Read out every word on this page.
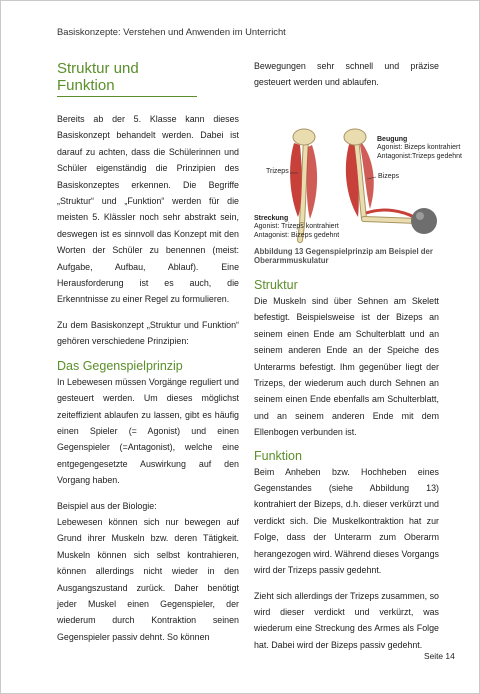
Basiskonzepte: Verstehen und Anwenden im Unterricht
Struktur und Funktion

Bereits ab der 5. Klasse kann dieses Basiskonzept behandelt werden. Dabei ist darauf zu achten, dass die Schülerinnen und Schüler eigenständig die Prinzipien des Basiskonzeptes erkennen. Die Begriffe „Struktur“ und „Funktion“ werden für die meisten 5. Klässler noch sehr abstrakt sein, deswegen ist es sinnvoll das Konzept mit den Worten der Schüler zu benennen (meist: Aufgabe, Aufbau, Ablauf). Eine Herausforderung ist es auch, die Erkenntnisse zu einer Regel zu formulieren.

Zu dem Basiskonzept „Struktur und Funktion“ gehören verschiedene Prinzipien:

Das Gegenspielprinzip

In Lebewesen müssen Vorgänge reguliert und gesteuert werden. Um dieses möglichst zeiteffizient ablaufen zu lassen, gibt es häufig einen Spieler (= Agonist) und einen Gegenspieler (=Antagonist), welche eine entgegengesetzte Auswirkung auf den Vorgang haben.

Beispiel aus der Biologie:

Lebewesen können sich nur bewegen auf Grund ihrer Muskeln bzw. deren Tätigkeit. Muskeln können sich selbst kontrahieren, können allerdings nicht wieder in den Ausgangszustand zurück. Daher benötigt jeder Muskel einen Gegenspieler, der wiederum durch Kontraktion seinen Gegenspieler passiv dehnt. So können

Bewegungen sehr schnell und präzise gesteuert werden und ablaufen.

Beugung
Agonist: Bizeps kontrahiert
Antagonist:Trizeps gedehnt
Trizeps
Bizeps
Streckung
Agonist: Trizeps kontrahiert
Antagonist: Bizeps gedehnt
Abbildung 13 Gegenspielprinzip am Beispiel der Oberarmmuskulatur
Struktur

Die Muskeln sind über Sehnen am Skelett befestigt. Beispielsweise ist der Bizeps an seinem einen Ende am Schulterblatt und an seinem anderen Ende an der Speiche des Unterarms befestigt. Ihm gegenüber liegt der Trizeps, der wiederum auch durch Sehnen an seinem einen Ende ebenfalls am Schulterblatt, und an seinem anderen Ende mit dem Ellenbogen verbunden ist.

Funktion

Beim Anheben bzw. Hochheben eines Gegenstandes (siehe Abbildung 13) kontrahiert der Bizeps, d.h. dieser verkürzt und verdickt sich. Die Muskelkontraktion hat zur Folge, dass der Unterarm zum Oberarm herangezogen wird. Während dieses Vorgangs wird der Trizeps passiv gedehnt.

Zieht sich allerdings der Trizeps zusammen, so wird dieser verdickt und verkürzt, was wiederum eine Streckung des Armes als Folge hat. Dabei wird der Bizeps passiv gedehnt.

Seite 14
